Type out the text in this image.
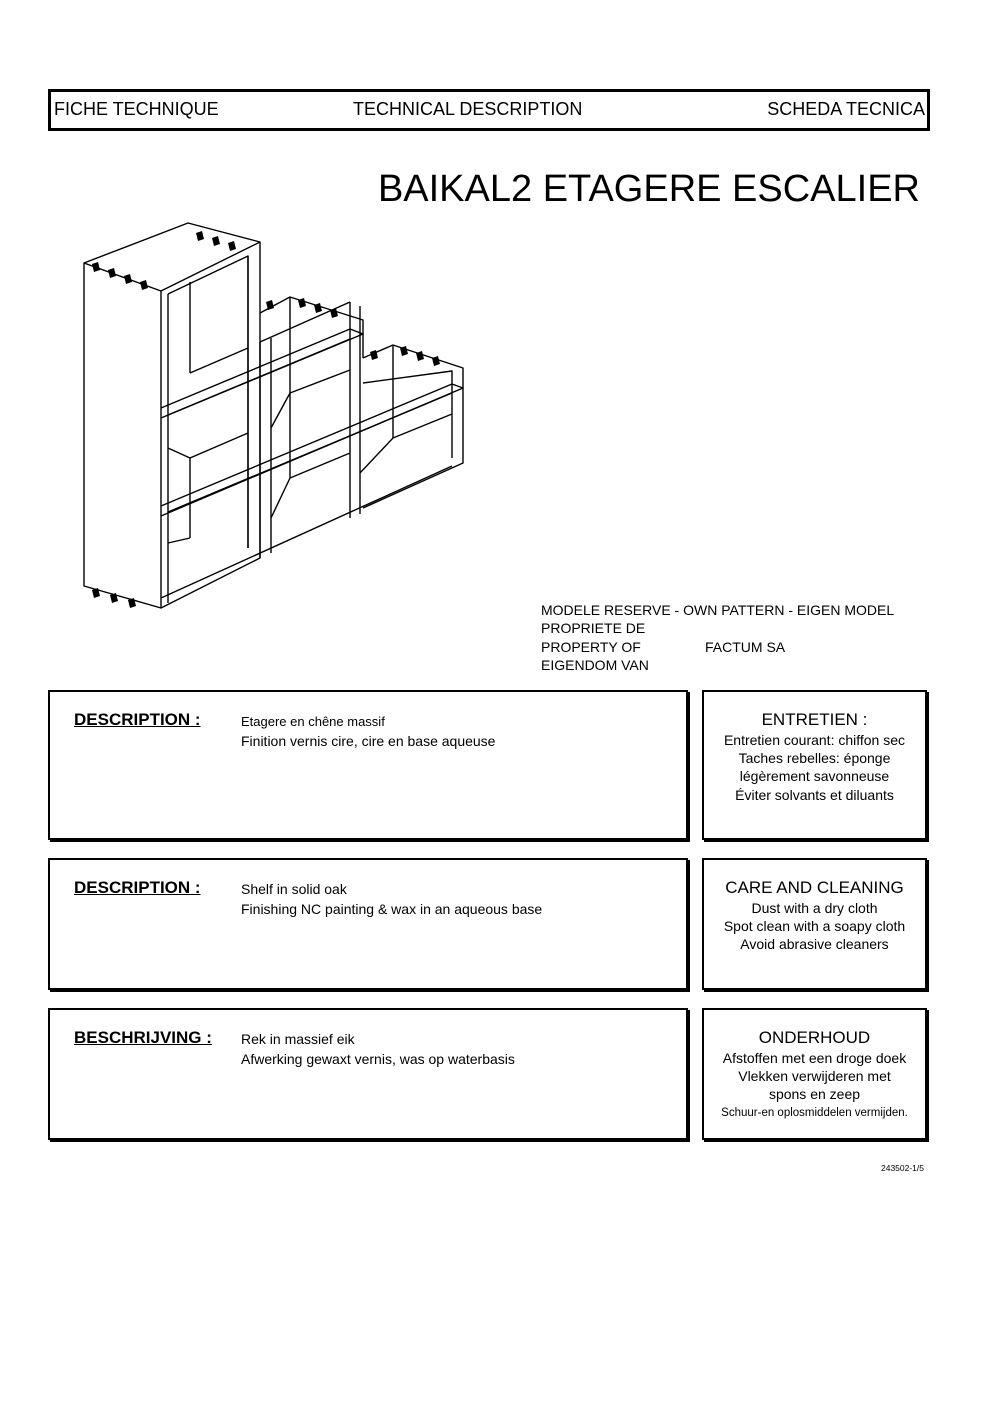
FICHE TECHNIQUE	TECHNICAL DESCRIPTION	SCHEDA TECNICA
BAIKAL2 ETAGERE ESCALIER
MODELE RESERVE - OWN PATTERN - EIGEN MODEL
PROPRIETE DE
PROPERTY OF	FACTUM SA
EIGENDOM VAN
DESCRIPTION :	Etagere en chêne massif
Finition vernis cire, cire en base aqueuse
ENTRETIEN :
Entretien courant: chiffon sec
Taches rebelles: éponge
légèrement savonneuse
Éviter solvants et diluants
DESCRIPTION :	Shelf in solid oak
Finishing NC painting & wax in an aqueous base
CARE AND CLEANING
Dust with a dry cloth
Spot clean with a soapy cloth
Avoid abrasive cleaners
BESCHRIJVING : Rek in massief eik
Afwerking gewaxt vernis, was op waterbasis
ONDERHOUD
Afstoffen met een droge doek
Vlekken verwijderen met
spons en zeep
Schuur-en oplosmiddelen vermijden.
243502-1/5
